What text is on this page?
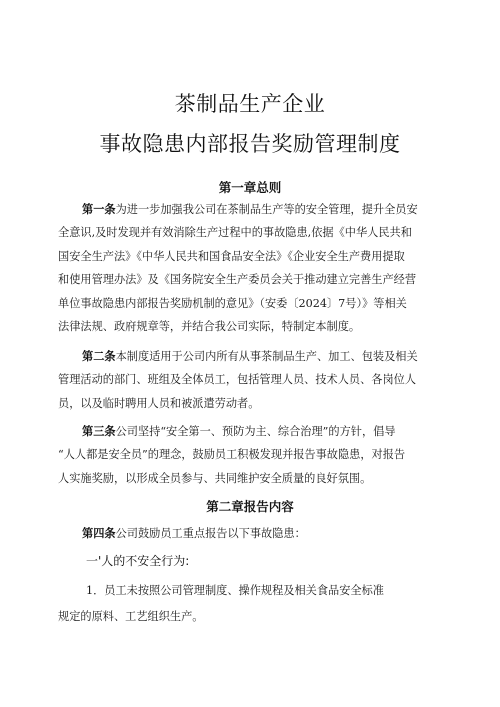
茶制品生产企业
事故隐患内部报告奖励管理制度
第一章总则
第一条为进一步加强我公司在茶制品生产等的安全管理，提升全员安
全意识,及时发现并有效消除生产过程中的事故隐患,依据《中华人民共和
国安全生产法》《中华人民共和国食品安全法》《企业安全生产费用提取
和使用管理办法》及《国务院安全生产委员会关于推动建立完善生产经营
单位事故隐患内部报告奖励机制的意见》（安委〔2024〕7号）》等相关
法律法规、政府规章等，并结合我公司实际，特制定本制度。
第二条本制度适用于公司内所有从事茶制品生产、加工、包装及相关
管理活动的部门、班组及全体员工，包括管理人员、技术人员、各岗位人
员，以及临时聘用人员和被派遣劳动者。
第三条公司坚持“安全第一、预防为主、综合治理”的方针，倡导
“人人都是安全员”的理念，鼓励员工积极发现并报告事故隐患，对报告
人实施奖励，以形成全员参与、共同维护安全质量的良好氛围。
第二章报告内容
第四条公司鼓励员工重点报告以下事故隐患：
一'人的不安全行为:
1．员工未按照公司管理制度、操作规程及相关食品安全标准
规定的原料、工艺组织生产。
